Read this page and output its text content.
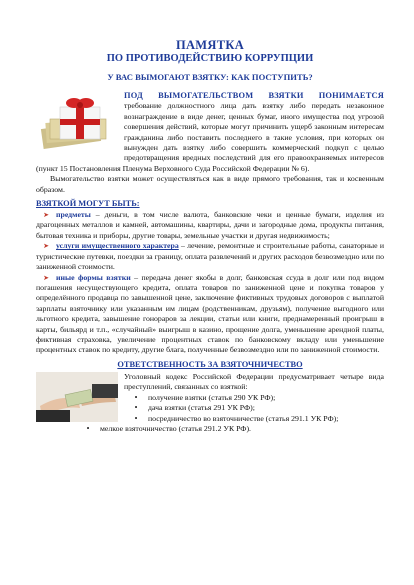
ПАМЯТКА
ПО ПРОТИВОДЕЙСТВИЮ КОРРУПЦИИ
У ВАС ВЫМОГАЮТ ВЗЯТКУ: КАК ПОСТУПИТЬ?

ПОД ВЫМОГАТЕЛЬСТВОМ ВЗЯТКИ ПОНИМАЕТСЯ требование должностного лица дать взятку либо передать незаконное вознаграждение в виде денег, ценных бумаг, иного имущества под угрозой совершения действий, которые могут причинить ущерб законным интересам гражданина либо поставить последнего в такие условия, при которых он вынужден дать взятку либо совершить коммерческий подкуп с целью предотвращения вредных последствий для его правоохраняемых интересов (пункт 15 Постановления Пленума Верховного Суда Российской Федерации № 6).

Вымогательство взятки может осуществляться как в виде прямого требования, так и косвенным образом.

ВЗЯТКОЙ МОГУТ БЫТЬ:

➤ предметы – деньги, в том числе валюта, банковские чеки и ценные бумаги, изделия из драгоценных металлов и камней, автомашины, квартиры, дачи и загородные дома, продукты питания, бытовая техника и приборы, другие товары, земельные участки и другая недвижимость;

➤ услуги имущественного характера – лечение, ремонтные и строительные работы, санаторные и туристические путевки, поездки за границу, оплата развлечений и других расходов безвозмездно или по заниженной стоимости.

➤ иные формы взятки – передача денег якобы в долг, банковская ссуда в долг или под видом погашения несуществующего кредита, оплата товаров по заниженной цене и покупка товаров у определённого продавца по завышенной цене, заключение фиктивных трудовых договоров с выплатой зарплаты взяточнику или указанным им лицам (родственникам, друзьям), получение выгодного или льготного кредита, завышение гонораров за лекции, статьи или книги, преднамеренный проигрыш в карты, бильярд и т.п., «случайный» выигрыш в казино, прощение долга, уменьшение арендной платы, фиктивная страховка, увеличение процентных ставок по банковскому вкладу или уменьшение процентных ставок по кредиту, другие блага, полученные безвозмездно или по заниженной стоимости.

ОТВЕТСТВЕННОСТЬ ЗА ВЗЯТОЧНИЧЕСТВО

Уголовный кодекс Российской Федерации предусматривает четыре вида преступлений, связанных со взяткой:

• получение взятки (статья 290 УК РФ);
• дача взятки (статья 291 УК РФ);
• посредничество во взяточничестве (статья 291.1 УК РФ);
• мелкое взяточничество (статья 291.2 УК РФ).
